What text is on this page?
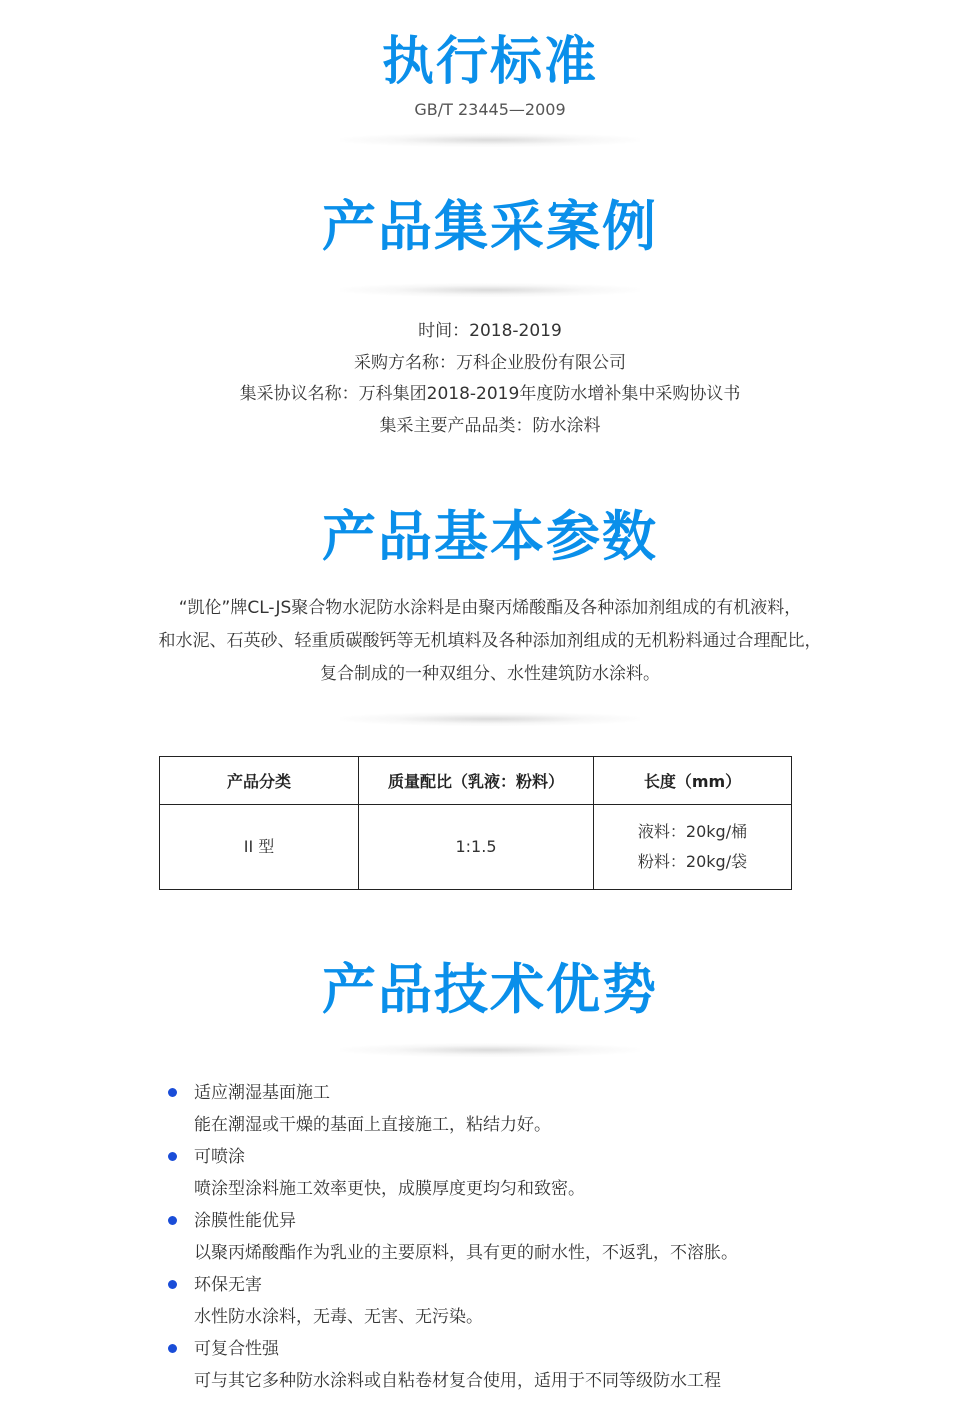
执行标准

GB/T 23445—2009

产品集采案例
时间：2018-2019
采购方名称：万科企业股份有限公司
集采协议名称：万科集团2018-2019年度防水增补集中采购协议书
集采主要产品品类：防水涂料
产品基本参数
“凯伦”牌CL-JS聚合物水泥防水涂料是由聚丙烯酸酯及各种添加剂组成的有机液料，
和水泥、石英砂、轻重质碳酸钙等无机填料及各种添加剂组成的无机粉料通过合理配比，
复合制成的一种双组分、水性建筑防水涂料。
产品分类	质量配比（乳液：粉料）	长度（mm）
II 型	1:1.5	液料：20kg/桶
粉料：20kg/袋
产品技术优势
适应潮湿基面施工
能在潮湿或干燥的基面上直接施工，粘结力好。
可喷涂
喷涂型涂料施工效率更快，成膜厚度更均匀和致密。
涂膜性能优异
以聚丙烯酸酯作为乳业的主要原料，具有更的耐水性，不返乳，不溶胀。
环保无害
水性防水涂料，无毒、无害、无污染。
可复合性强
可与其它多种防水涂料或自粘卷材复合使用，适用于不同等级防水工程
